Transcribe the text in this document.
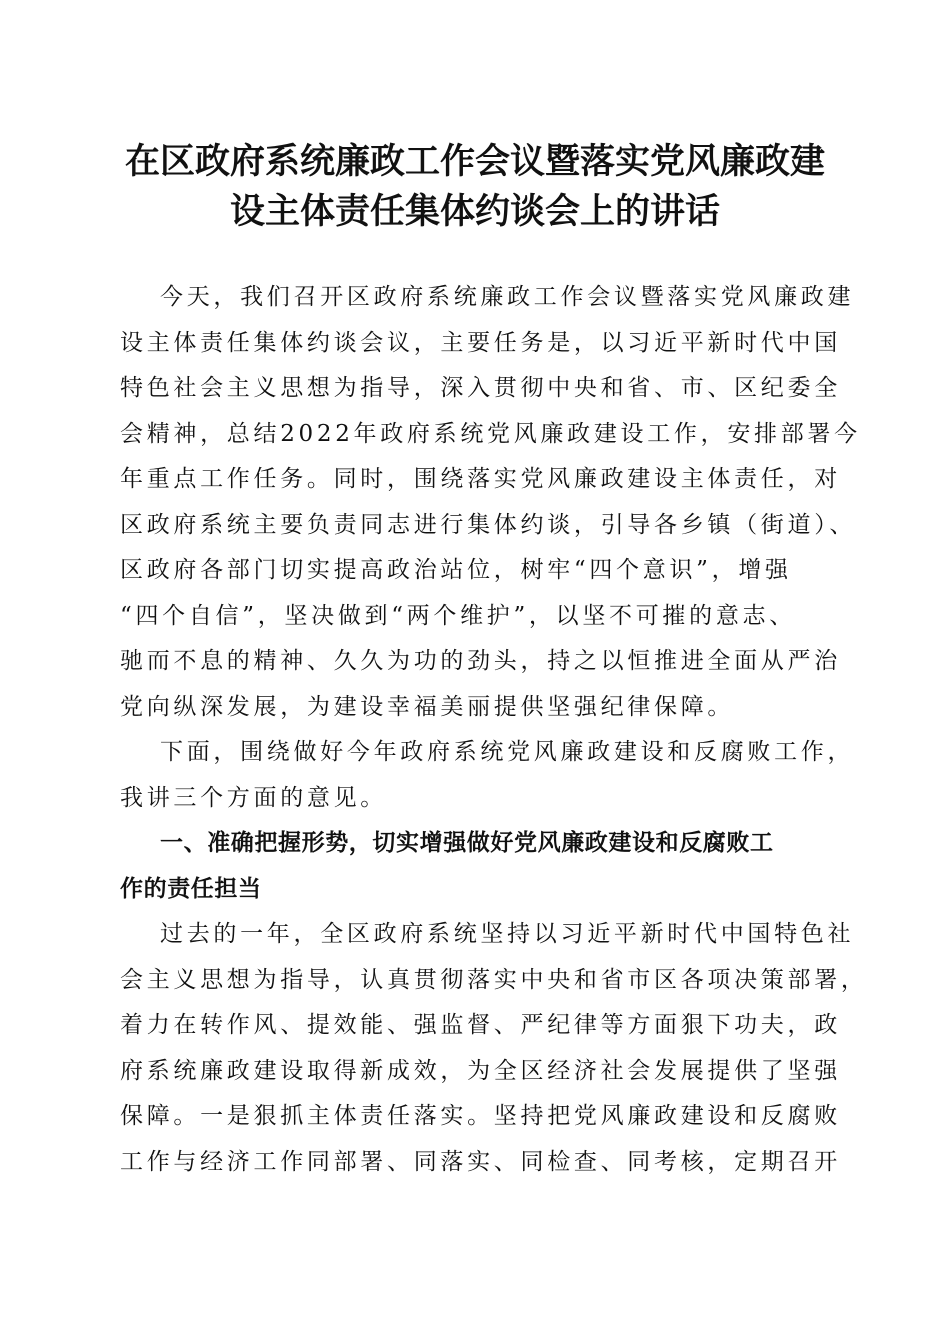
在区政府系统廉政工作会议暨落实党风廉政建
设主体责任集体约谈会上的讲话
今天，我们召开区政府系统廉政工作会议暨落实党风廉政建
设主体责任集体约谈会议，主要任务是，以习近平新时代中国
特色社会主义思想为指导，深入贯彻中央和省、市、区纪委全
会精神，总结2022年政府系统党风廉政建设工作，安排部署今
年重点工作任务。同时，围绕落实党风廉政建设主体责任，对
区政府系统主要负责同志进行集体约谈，引导各乡镇（街道）、
区政府各部门切实提高政治站位，树牢“四个意识”，增强
“四个自信”，坚决做到“两个维护”，以坚不可摧的意志、
驰而不息的精神、久久为功的劲头，持之以恒推进全面从严治
党向纵深发展，为建设幸福美丽提供坚强纪律保障。
下面，围绕做好今年政府系统党风廉政建设和反腐败工作，
我讲三个方面的意见。
一、准确把握形势，切实增强做好党风廉政建设和反腐败工
作的责任担当
过去的一年，全区政府系统坚持以习近平新时代中国特色社
会主义思想为指导，认真贯彻落实中央和省市区各项决策部署，
着力在转作风、提效能、强监督、严纪律等方面狠下功夫，政
府系统廉政建设取得新成效，为全区经济社会发展提供了坚强
保障。一是狠抓主体责任落实。坚持把党风廉政建设和反腐败
工作与经济工作同部署、同落实、同检查、同考核，定期召开
